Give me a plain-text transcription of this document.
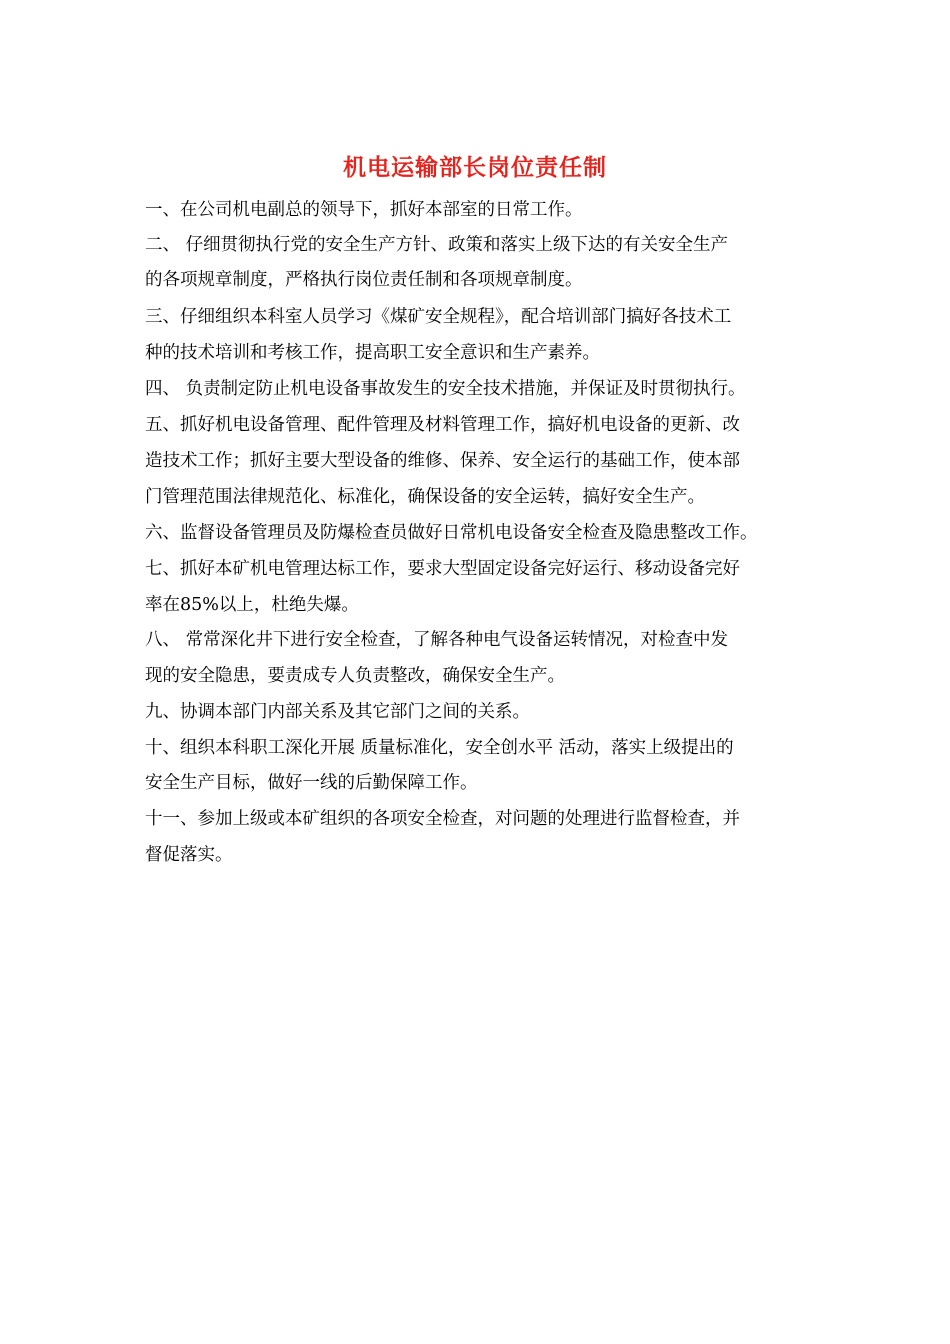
机电运输部长岗位责任制
一、在公司机电副总的领导下，抓好本部室的日常工作。
二、 仔细贯彻执行党的安全生产方针、政策和落实上级下达的有关安全生产
的各项规章制度，严格执行岗位责任制和各项规章制度。
三、仔细组织本科室人员学习《煤矿安全规程》，配合培训部门搞好各技术工
种的技术培训和考核工作，提高职工安全意识和生产素养。
四、 负责制定防止机电设备事故发生的安全技术措施，并保证及时贯彻执行。
五、抓好机电设备管理、配件管理及材料管理工作，搞好机电设备的更新、改
造技术工作；抓好主要大型设备的维修、保养、安全运行的基础工作，使本部
门管理范围法律规范化、标准化，确保设备的安全运转，搞好安全生产。
六、监督设备管理员及防爆检查员做好日常机电设备安全检查及隐患整改工作。
七、抓好本矿机电管理达标工作，要求大型固定设备完好运行、移动设备完好
率在85%以上，杜绝失爆。
八、 常常深化井下进行安全检查，了解各种电气设备运转情况，对检查中发
现的安全隐患，要责成专人负责整改，确保安全生产。
九、协调本部门内部关系及其它部门之间的关系。
十、组织本科职工深化开展 质量标准化，安全创水平 活动，落实上级提出的
安全生产目标，做好一线的后勤保障工作。
十一、参加上级或本矿组织的各项安全检查，对问题的处理进行监督检查，并
督促落实。
